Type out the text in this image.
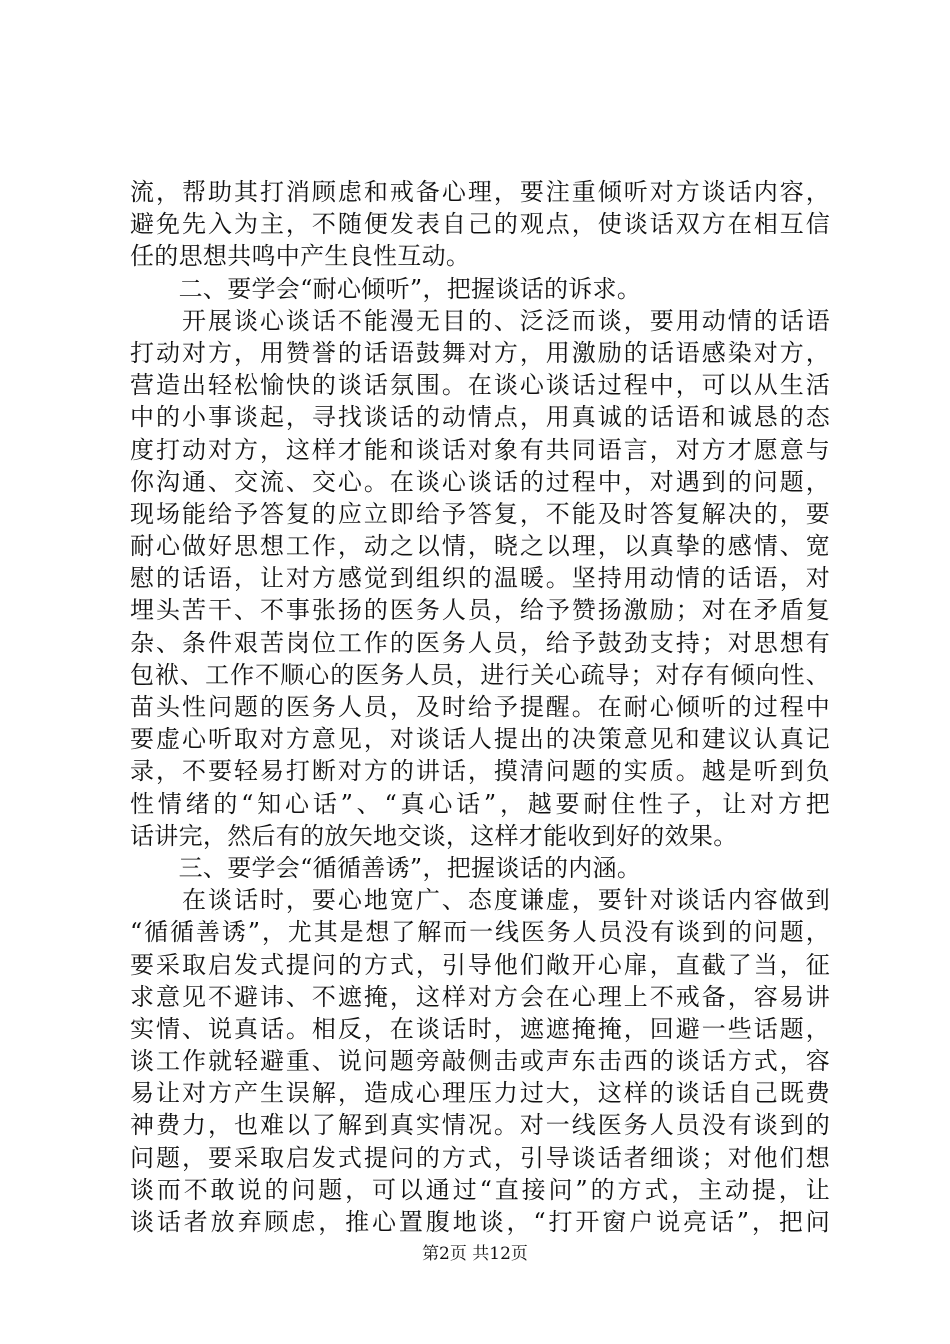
流，帮助其打消顾虑和戒备心理，要注重倾听对方谈话内容，
避免先入为主，不随便发表自己的观点，使谈话双方在相互信
任的思想共鸣中产生良性互动。
　　二、要学会“耐心倾听”，把握谈话的诉求。
　　开展谈心谈话不能漫无目的、泛泛而谈，要用动情的话语
打动对方，用赞誉的话语鼓舞对方，用激励的话语感染对方，
营造出轻松愉快的谈话氛围。在谈心谈话过程中，可以从生活
中的小事谈起，寻找谈话的动情点，用真诚的话语和诚恳的态
度打动对方，这样才能和谈话对象有共同语言，对方才愿意与
你沟通、交流、交心。在谈心谈话的过程中，对遇到的问题，
现场能给予答复的应立即给予答复，不能及时答复解决的，要
耐心做好思想工作，动之以情，晓之以理，以真挚的感情、宽
慰的话语，让对方感觉到组织的温暖。坚持用动情的话语，对
埋头苦干、不事张扬的医务人员，给予赞扬激励；对在矛盾复
杂、条件艰苦岗位工作的医务人员，给予鼓劲支持；对思想有
包袱、工作不顺心的医务人员，进行关心疏导；对存有倾向性、
苗头性问题的医务人员，及时给予提醒。在耐心倾听的过程中
要虚心听取对方意见，对谈话人提出的决策意见和建议认真记
录，不要轻易打断对方的讲话，摸清问题的实质。越是听到负
性情绪的“知心话”、“真心话”，越要耐住性子，让对方把
话讲完，然后有的放矢地交谈，这样才能收到好的效果。
　　三、要学会“循循善诱”，把握谈话的内涵。
　　在谈话时，要心地宽广、态度谦虚，要针对谈话内容做到
“循循善诱”，尤其是想了解而一线医务人员没有谈到的问题，
要采取启发式提问的方式，引导他们敞开心扉，直截了当，征
求意见不避讳、不遮掩，这样对方会在心理上不戒备，容易讲
实情、说真话。相反，在谈话时，遮遮掩掩，回避一些话题，
谈工作就轻避重、说问题旁敲侧击或声东击西的谈话方式，容
易让对方产生误解，造成心理压力过大，这样的谈话自己既费
神费力，也难以了解到真实情况。对一线医务人员没有谈到的
问题，要采取启发式提问的方式，引导谈话者细谈；对他们想
谈而不敢说的问题，可以通过“直接问”的方式，主动提，让
谈话者放弃顾虑，推心置腹地谈，“打开窗户说亮话”，把问
第2页 共12页
